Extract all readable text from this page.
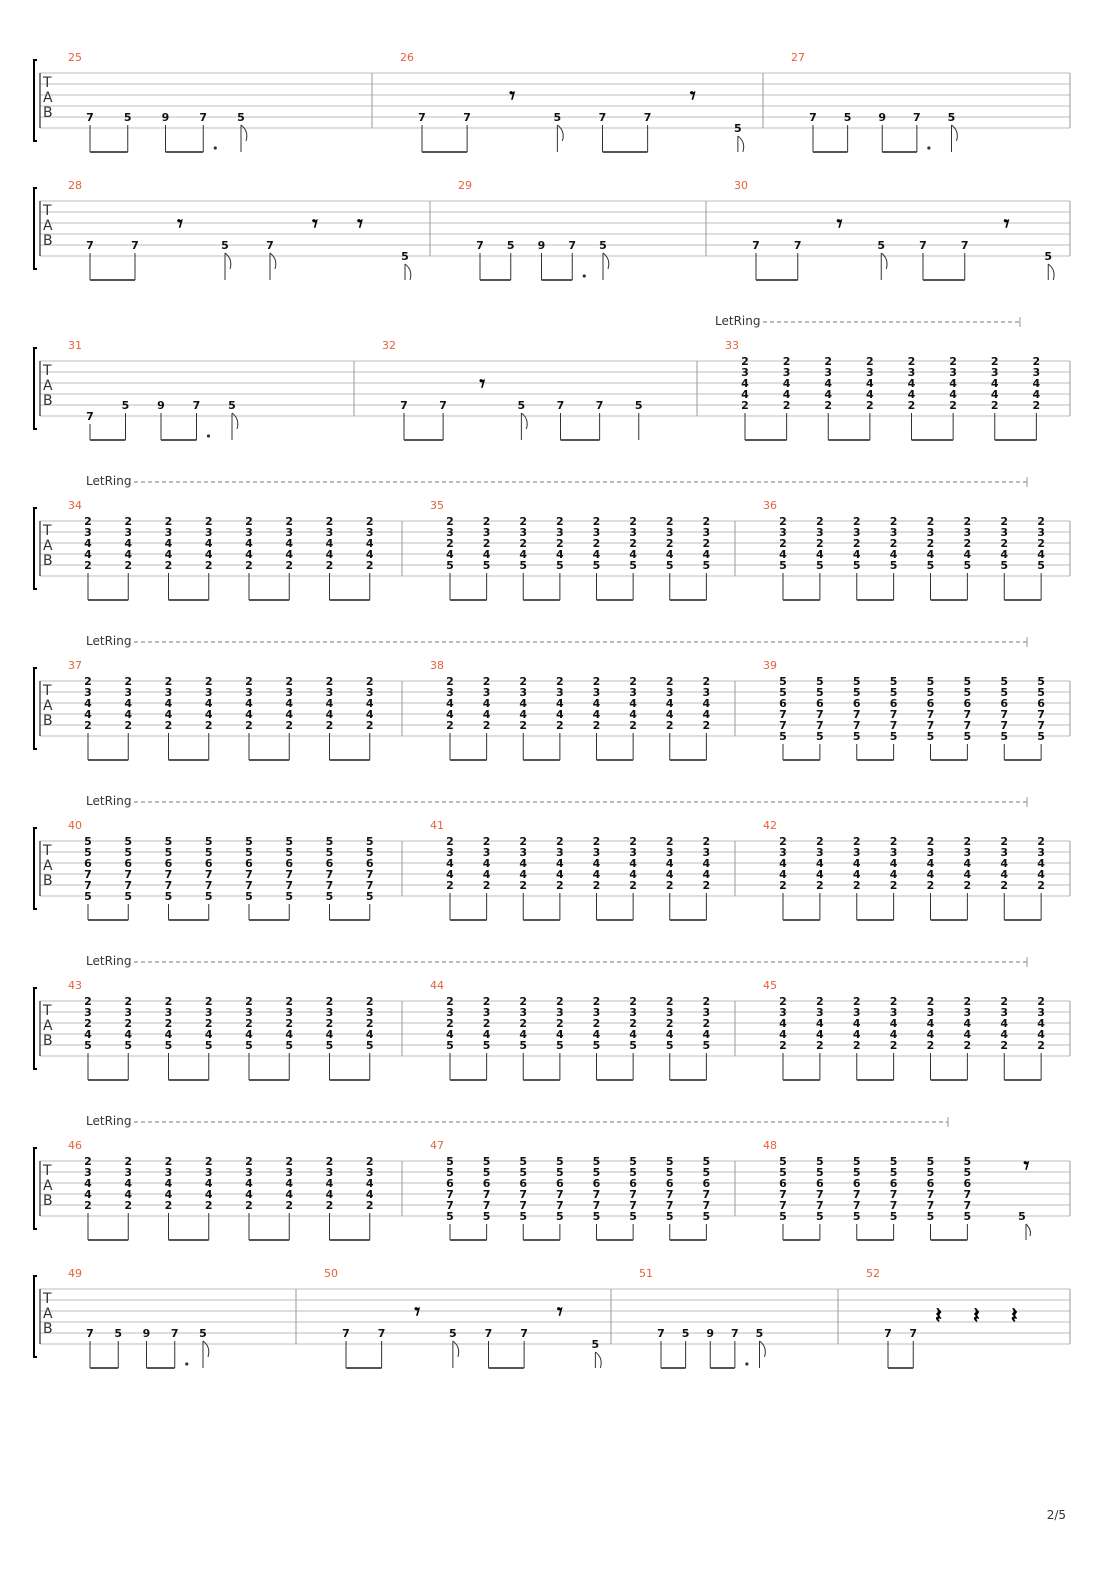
T
A
B
25
7	5	9	7	5
26
7	7
𝄾
5	7	7
𝄾
5
27
7 5 9 7 5
T
A
B
28
7	7
𝄾
5	7
𝄾 𝄾
5
29
7 5 9 7 5
30
7	7
𝄾
5	7	7
𝄾
5
T
A
B
LetRing
31
7
5	9	7	5
32
7	7
𝄾
5	7	7	5
33
2
3
4
4
2
2
3
4
4
2
2
3
4
4
2
2
3
4
4
2
2
3
4
4
2
2
3
4
4
2
2
3
4
4
2
2
3
4
4
2
T
A
B
LetRing
34
2
3
4
4
2
2
3
4
4
2
2
3
4
4
2
2
3
4
4
2
2
3
4
4
2
2
3
4
4
2
2
3
4
4
2
2
3
4
4
2
35
2
3
2
4
5
2
3
2
4
5
2
3
2
4
5
2
3
2
4
5
2
3
2
4
5
2
3
2
4
5
2
3
2
4
5
2
3
2
4
5
36
2
3
2
4
5
2
3
2
4
5
2
3
2
4
5
2
3
2
4
5
2
3
2
4
5
2
3
2
4
5
2
3
2
4
5
2
3
2
4
5
T
A
B
LetRing
37
2
3
4
4
2
2
3
4
4
2
2
3
4
4
2
2
3
4
4
2
2
3
4
4
2
2
3
4
4
2
2
3
4
4
2
2
3
4
4
2
38
2
3
4
4
2
2
3
4
4
2
2
3
4
4
2
2
3
4
4
2
2
3
4
4
2
2
3
4
4
2
2
3
4
4
2
2
3
4
4
2
39
5
5
6
7
7
5
5
5
6
7
7
5
5
5
6
7
7
5
5
5
6
7
7
5
5
5
6
7
7
5
5
5
6
7
7
5
5
5
6
7
7
5
5
5
6
7
7
5
T
A
B
LetRing
40
5
5
6
7
7
5
5
5
6
7
7
5
5
5
6
7
7
5
5
5
6
7
7
5
5
5
6
7
7
5
5
5
6
7
7
5
5
5
6
7
7
5
5
5
6
7
7
5
41
2
3
4
4
2
2
3
4
4
2
2
3
4
4
2
2
3
4
4
2
2
3
4
4
2
2
3
4
4
2
2
3
4
4
2
2
3
4
4
2
42
2
3
4
4
2
2
3
4
4
2
2
3
4
4
2
2
3
4
4
2
2
3
4
4
2
2
3
4
4
2
2
3
4
4
2
2
3
4
4
2
T
A
B
LetRing
43
2
3
2
4
5
2
3
2
4
5
2
3
2
4
5
2
3
2
4
5
2
3
2
4
5
2
3
2
4
5
2
3
2
4
5
2
3
2
4
5
44
2
3
2
4
5
2
3
2
4
5
2
3
2
4
5
2
3
2
4
5
2
3
2
4
5
2
3
2
4
5
2
3
2
4
5
2
3
2
4
5
45
2
3
4
4
2
2
3
4
4
2
2
3
4
4
2
2
3
4
4
2
2
3
4
4
2
2
3
4
4
2
2
3
4
4
2
2
3
4
4
2
T
A
B
LetRing
46
2
3
4
4
2
2
3
4
4
2
2
3
4
4
2
2
3
4
4
2
2
3
4
4
2
2
3
4
4
2
2
3
4
4
2
2
3
4
4
2
47
5
5
6
7
7
5
5
5
6
7
7
5
5
5
6
7
7
5
5
5
6
7
7
5
5
5
6
7
7
5
5
5
6
7
7
5
5
5
6
7
7
5
5
5
6
7
7
5
48
5
5
6
7
7
5
5
5
6
7
7
5
5
5
6
7
7
5
5
5
6
7
7
5
5
5
6
7
7
5
5
5
6
7
7
5
𝄾
5
T
A
B
49
7 5 9 7 5
50
7	7
𝄾
5	7	7
𝄾
5
51
7 5 9 7 5
52
7 7
𝄽 𝄽 𝄽
2/5
